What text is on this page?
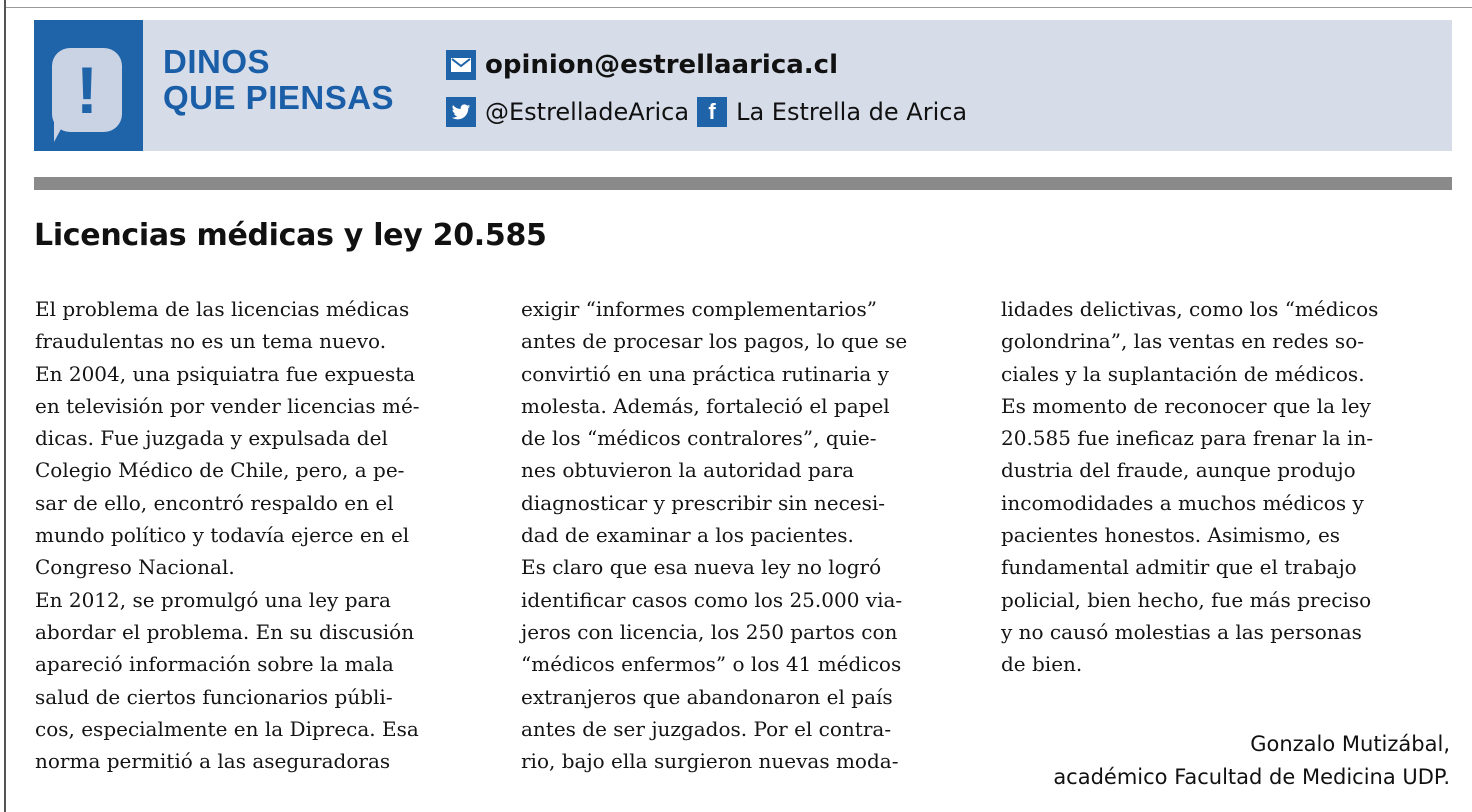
!	DINOS
QUE PIENSAS
opinion@estrellaarica.cl
@EstrelladeArica f La Estrella de Arica
Licencias médicas y ley 20.585
El problema de las licencias médicas
fraudulentas no es un tema nuevo.
En 2004, una psiquiatra fue expuesta
en televisión por vender licencias mé-
dicas. Fue juzgada y expulsada del
Colegio Médico de Chile, pero, a pe-
sar de ello, encontró respaldo en el
mundo político y todavía ejerce en el
Congreso Nacional.
En 2012, se promulgó una ley para
abordar el problema. En su discusión
apareció información sobre la mala
salud de ciertos funcionarios públi-
cos, especialmente en la Dipreca. Esa
norma permitió a las aseguradoras
exigir “informes complementarios”
antes de procesar los pagos, lo que se
convirtió en una práctica rutinaria y
molesta. Además, fortaleció el papel
de los “médicos contralores”, quie-
nes obtuvieron la autoridad para
diagnosticar y prescribir sin necesi-
dad de examinar a los pacientes.
Es claro que esa nueva ley no logró
identificar casos como los 25.000 via-
jeros con licencia, los 250 partos con
“médicos enfermos” o los 41 médicos
extranjeros que abandonaron el país
antes de ser juzgados. Por el contra-
rio, bajo ella surgieron nuevas moda-
lidades delictivas, como los “médicos
golondrina”, las ventas en redes so-
ciales y la suplantación de médicos.
Es momento de reconocer que la ley
20.585 fue ineficaz para frenar la in-
dustria del fraude, aunque produjo
incomodidades a muchos médicos y
pacientes honestos. Asimismo, es
fundamental admitir que el trabajo
policial, bien hecho, fue más preciso
y no causó molestias a las personas
de bien.
Gonzalo Mutizábal,
académico Facultad de Medicina UDP.
